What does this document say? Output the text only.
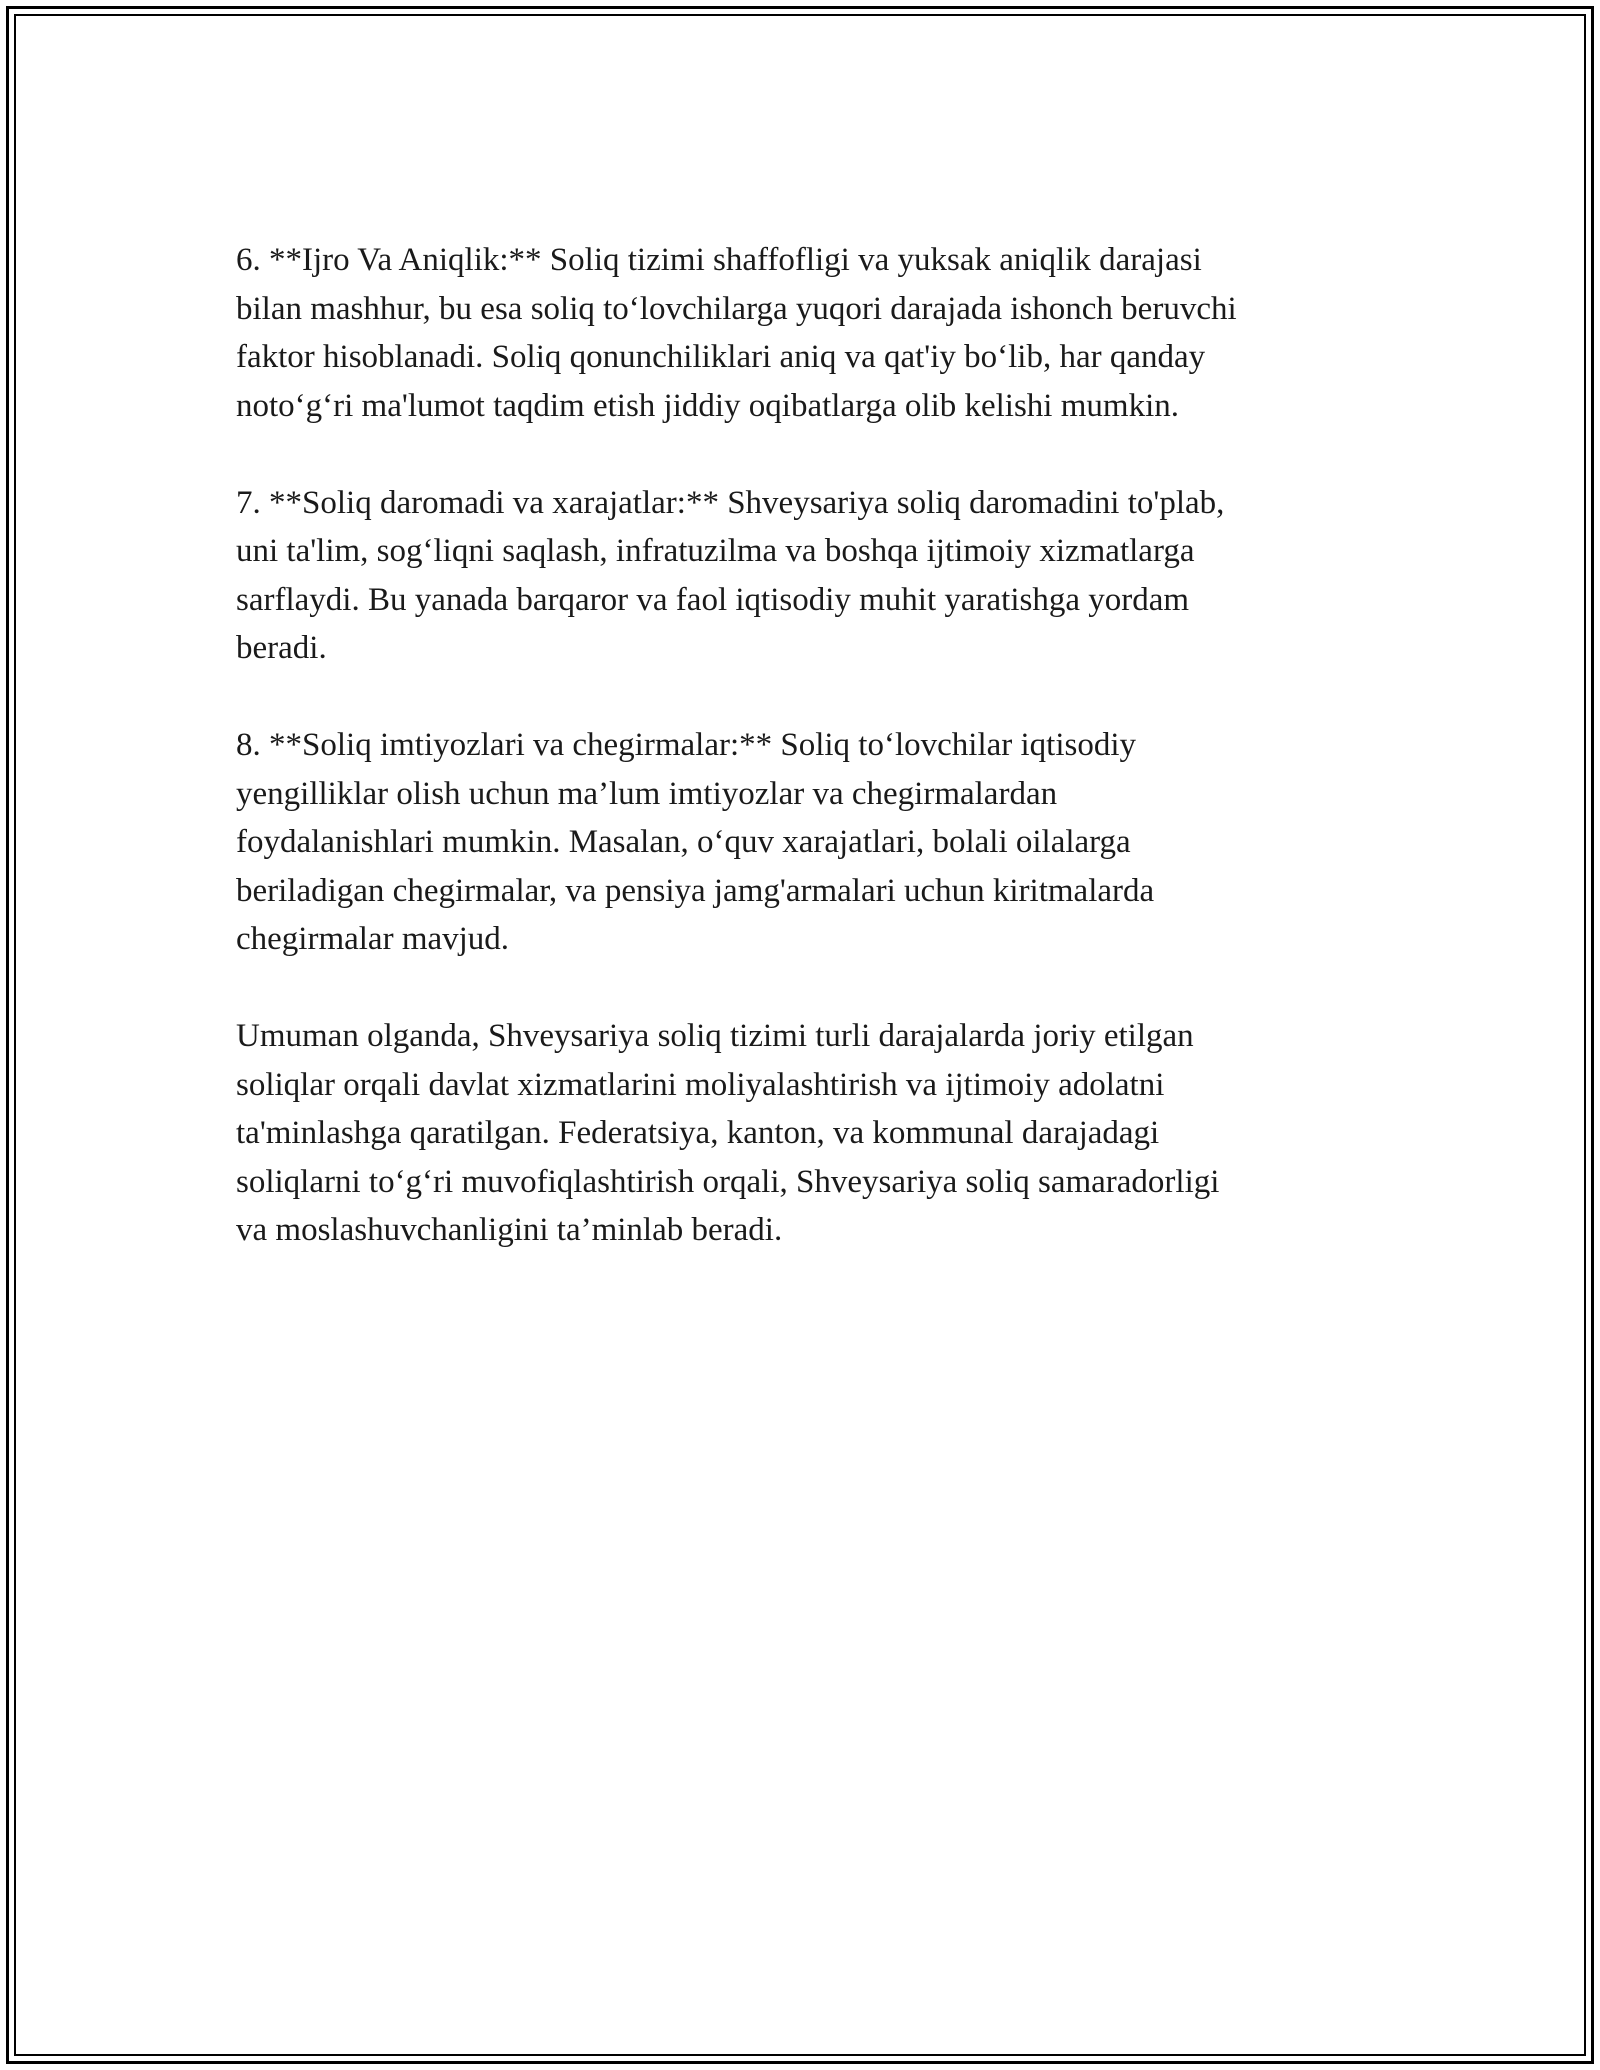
6. **Ijro Va Aniqlik:** Soliq tizimi shaffofligi va yuksak aniqlik darajasi
bilan mashhur, bu esa soliq to‘lovchilarga yuqori darajada ishonch beruvchi
faktor hisoblanadi. Soliq qonunchiliklari aniq va qat'iy bo‘lib, har qanday
noto‘g‘ri ma'lumot taqdim etish jiddiy oqibatlarga olib kelishi mumkin.

7. **Soliq daromadi va xarajatlar:** Shveysariya soliq daromadini to'plab,
uni ta'lim, sog‘liqni saqlash, infratuzilma va boshqa ijtimoiy xizmatlarga
sarflaydi. Bu yanada barqaror va faol iqtisodiy muhit yaratishga yordam
beradi.

8. **Soliq imtiyozlari va chegirmalar:** Soliq to‘lovchilar iqtisodiy
yengilliklar olish uchun ma’lum imtiyozlar va chegirmalardan
foydalanishlari mumkin. Masalan, o‘quv xarajatlari, bolali oilalarga
beriladigan chegirmalar, va pensiya jamg'armalari uchun kiritmalarda
chegirmalar mavjud.

Umuman olganda, Shveysariya soliq tizimi turli darajalarda joriy etilgan
soliqlar orqali davlat xizmatlarini moliyalashtirish va ijtimoiy adolatni
ta'minlashga qaratilgan. Federatsiya, kanton, va kommunal darajadagi
soliqlarni to‘g‘ri muvofiqlashtirish orqali, Shveysariya soliq samaradorligi
va moslashuvchanligini ta’minlab beradi.
